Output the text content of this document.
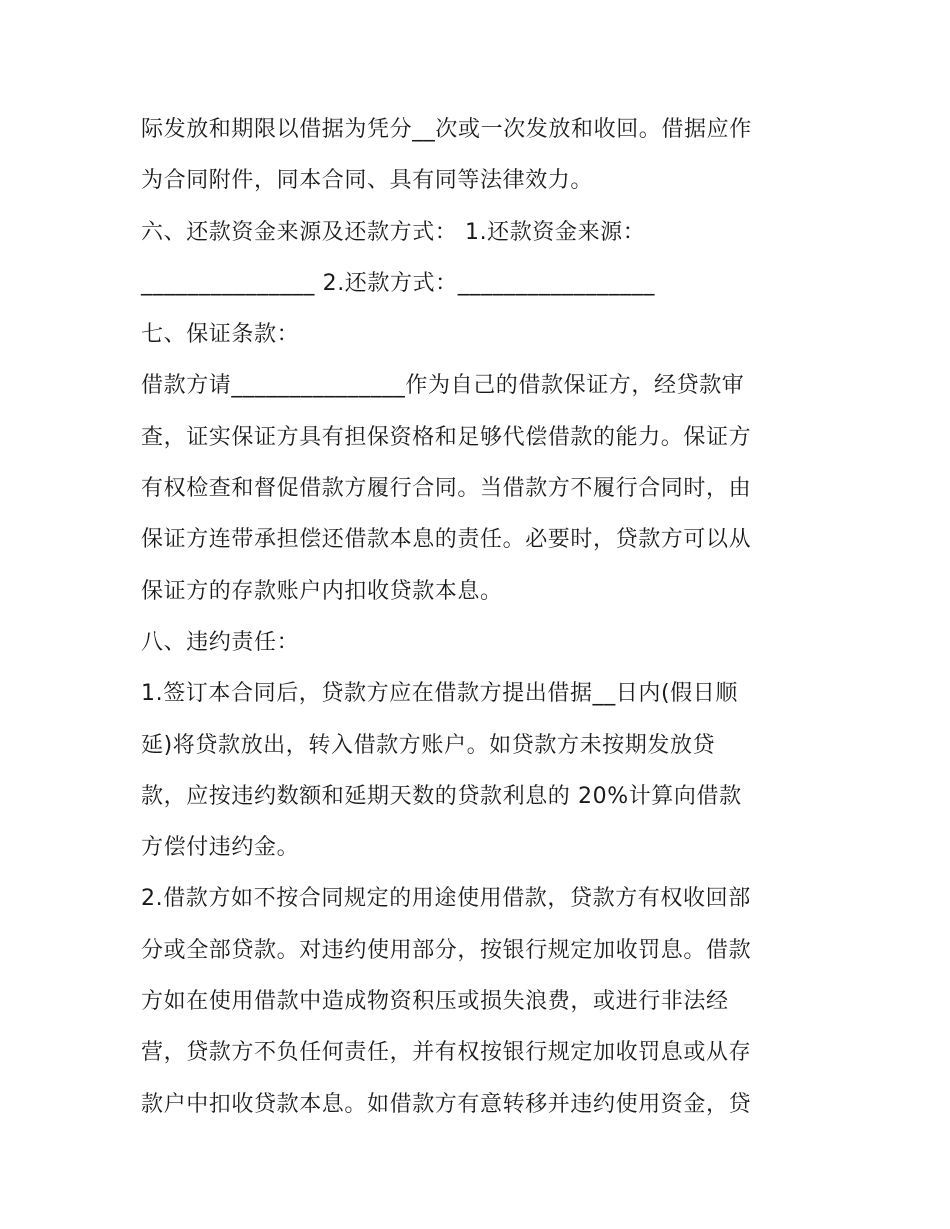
际发放和期限以借据为凭分__次或一次发放和收回。借据应作
为合同附件，同本合同、具有同等法律效力。
六、还款资金来源及还款方式： 1.还款资金来源：
_______________ 2.还款方式：_________________
七、保证条款：
借款方请_______________作为自己的借款保证方，经贷款审
查，证实保证方具有担保资格和足够代偿借款的能力。保证方
有权检查和督促借款方履行合同。当借款方不履行合同时，由
保证方连带承担偿还借款本息的责任。必要时，贷款方可以从
保证方的存款账户内扣收贷款本息。
八、违约责任：
1.签订本合同后，贷款方应在借款方提出借据__日内(假日顺
延)将贷款放出，转入借款方账户。如贷款方未按期发放贷
款，应按违约数额和延期天数的贷款利息的 20%计算向借款
方偿付违约金。
2.借款方如不按合同规定的用途使用借款，贷款方有权收回部
分或全部贷款。对违约使用部分，按银行规定加收罚息。借款
方如在使用借款中造成物资积压或损失浪费，或进行非法经
营，贷款方不负任何责任，并有权按银行规定加收罚息或从存
款户中扣收贷款本息。如借款方有意转移并违约使用资金，贷
